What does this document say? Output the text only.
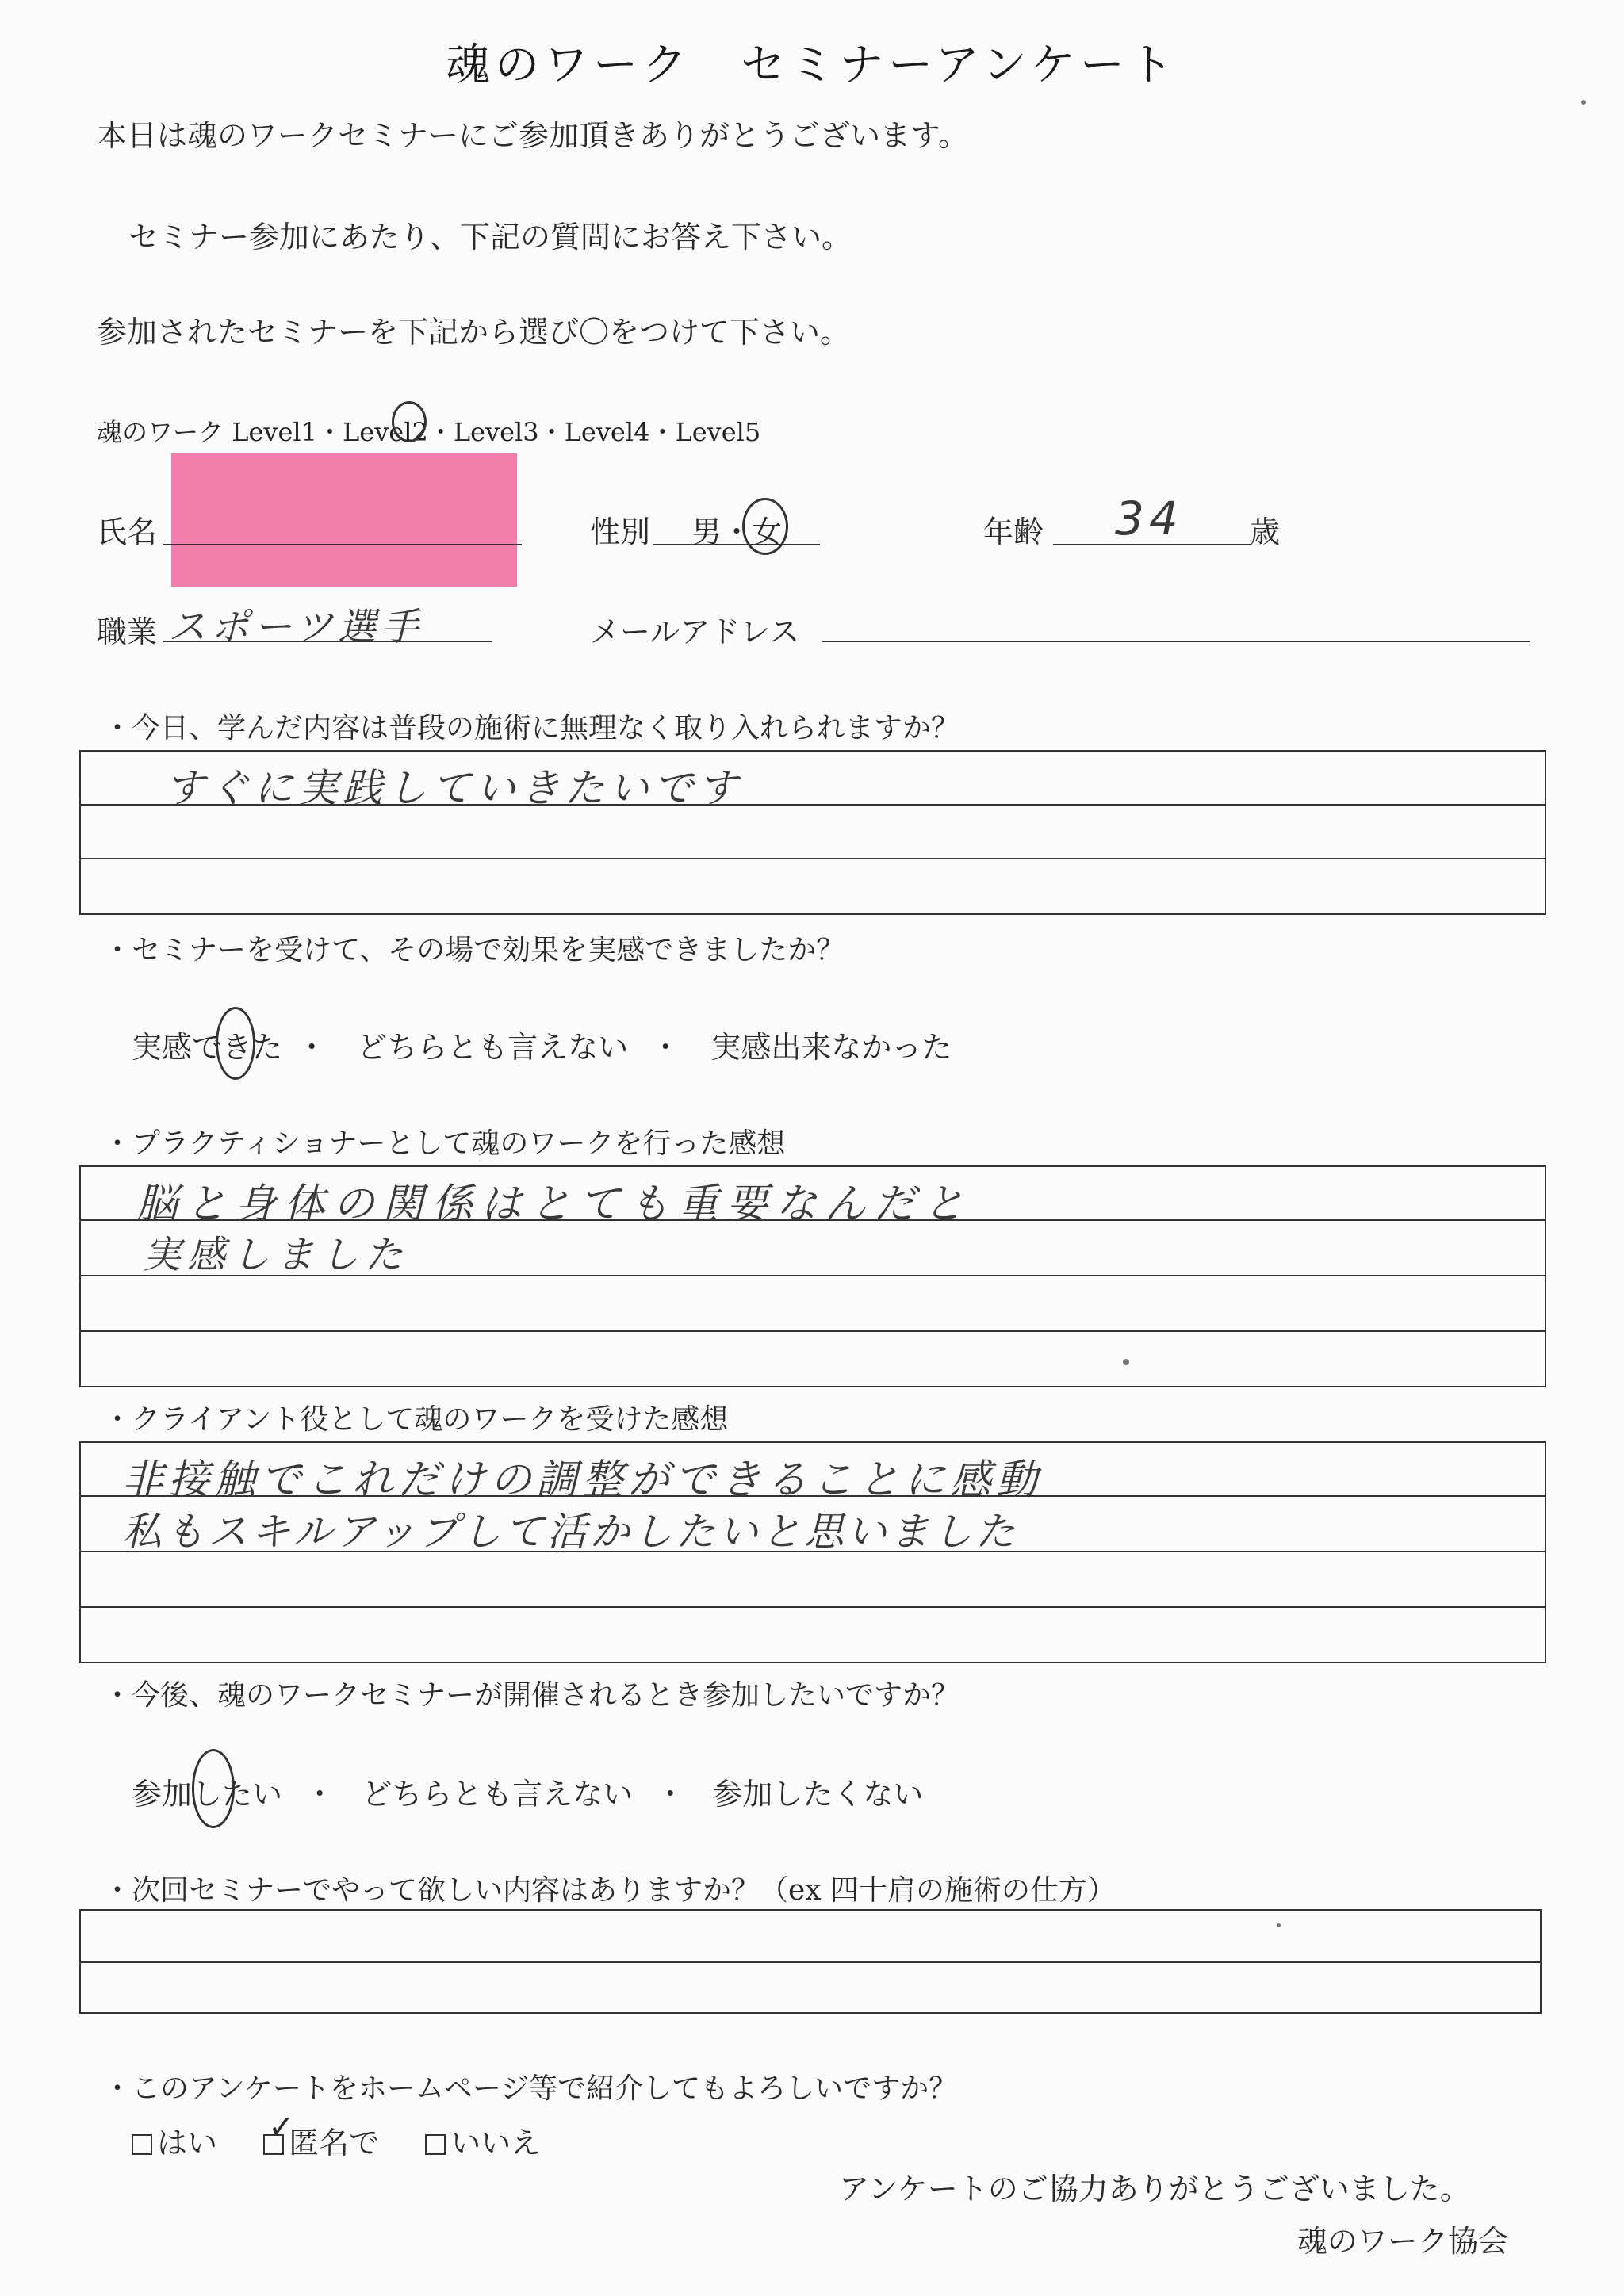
魂のワーク　セミナーアンケート
本日は魂のワークセミナーにご参加頂きありがとうございます。
セミナー参加にあたり、下記の質問にお答え下さい。
参加されたセミナーを下記から選び〇をつけて下さい。
魂のワーク Level1・Level2・Level3・Level4・Level5
氏名	性別 男・女	年齢 34 歳
職業 スポーツ選手	メールアドレス
・今日、学んだ内容は普段の施術に無理なく取り入れられますか？
すぐに実践していきたいです
・セミナーを受けて、その場で効果を実感できましたか？
実感できた ・ どちらとも言えない ・ 実感出来なかった
・プラクティショナーとして魂のワークを行った感想
脳と身体の関係はとても重要なんだと
実感しました
・クライアント役として魂のワークを受けた感想
非接触でこれだけの調整ができることに感動
私もスキルアップして活かしたいと思いました
・今後、魂のワークセミナーが開催されるとき参加したいですか？
参加したい ・ どちらとも言えない ・ 参加したくない
・次回セミナーでやって欲しい内容はありますか？（ex 四十肩の施術の仕方）
・このアンケートをホームページ等で紹介してもよろしいですか？
はい ✓
匿名で いいえ
アンケートのご協力ありがとうございました。
魂のワーク協会
